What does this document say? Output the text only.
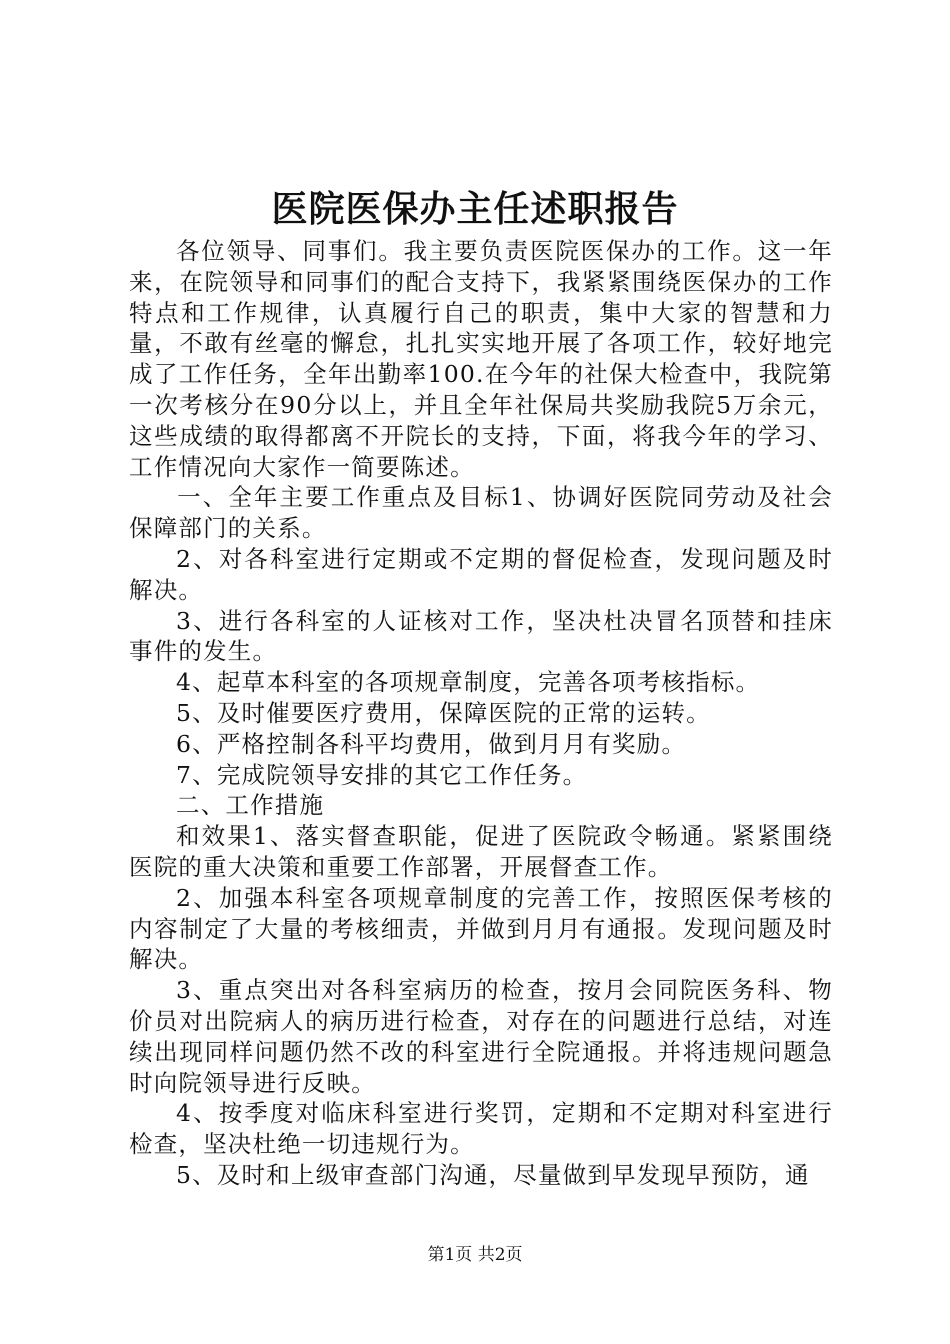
医院医保办主任述职报告

各位领导、同事们。我主要负责医院医保办的工作。这一年来，在院领导和同事们的配合支持下，我紧紧围绕医保办的工作特点和工作规律，认真履行自己的职责，集中大家的智慧和力量，不敢有丝毫的懈怠，扎扎实实地开展了各项工作，较好地完成了工作任务，全年出勤率100.在今年的社保大检查中，我院第一次考核分在90分以上，并且全年社保局共奖励我院5万余元，这些成绩的取得都离不开院长的支持，下面，将我今年的学习、工作情况向大家作一简要陈述。

一、全年主要工作重点及目标1、协调好医院同劳动及社会保障部门的关系。

2、对各科室进行定期或不定期的督促检查，发现问题及时解决。

3、进行各科室的人证核对工作，坚决杜决冒名顶替和挂床事件的发生。

4、起草本科室的各项规章制度，完善各项考核指标。

5、及时催要医疗费用，保障医院的正常的运转。

6、严格控制各科平均费用，做到月月有奖励。

7、完成院领导安排的其它工作任务。

二、工作措施

和效果1、落实督查职能，促进了医院政令畅通。紧紧围绕医院的重大决策和重要工作部署，开展督查工作。

2、加强本科室各项规章制度的完善工作，按照医保考核的内容制定了大量的考核细责，并做到月月有通报。发现问题及时解决。

3、重点突出对各科室病历的检查，按月会同院医务科、物价员对出院病人的病历进行检查，对存在的问题进行总结，对连续出现同样问题仍然不改的科室进行全院通报。并将违规问题急时向院领导进行反映。

4、按季度对临床科室进行奖罚，定期和不定期对科室进行检查，坚决杜绝一切违规行为。

5、及时和上级审查部门沟通，尽量做到早发现早预防，通

第1页 共2页
